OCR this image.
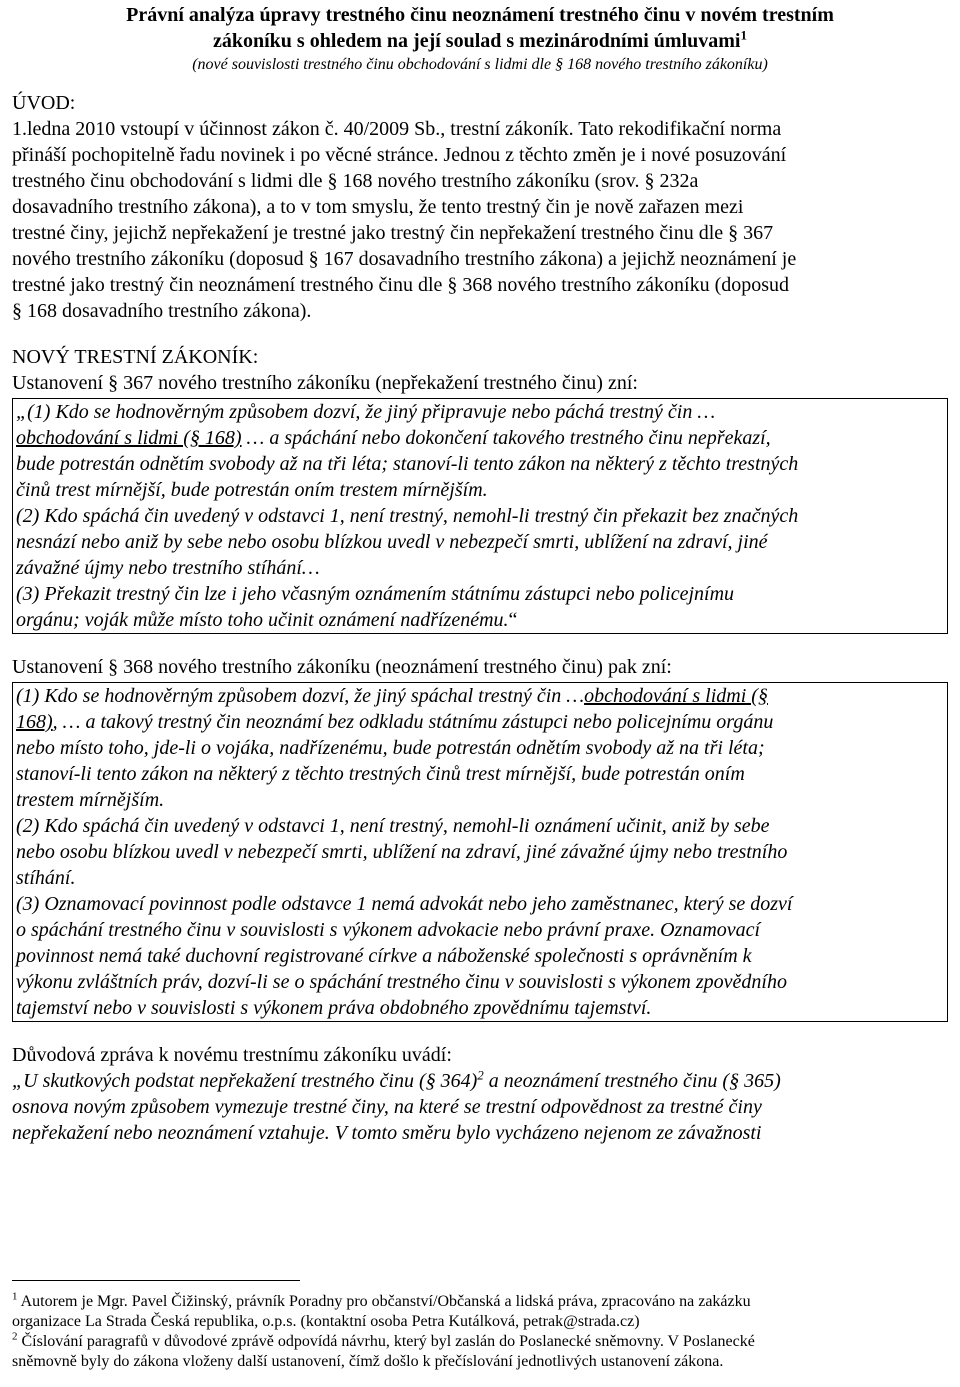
Právní analýza úpravy trestného činu neoznámení trestného činu v novém trestním
zákoníku s ohledem na její soulad s mezinárodními úmluvami$^1$
(nové souvislosti trestného činu obchodování s lidmi dle § 168 nového trestního zákoníku)
ÚVOD:
1.ledna 2010 vstoupí v účinnost zákon č. 40/2009 Sb., trestní zákoník. Tato rekodifikační norma
přináší pochopitelně řadu novinek i po věcné stránce. Jednou z těchto změn je i nové posuzování
trestného činu obchodování s lidmi dle § 168 nového trestního zákoníku (srov. § 232a
dosavadního trestního zákona), a to v tom smyslu, že tento trestný čin je nově zařazen mezi
trestné činy, jejichž nepřekažení je trestné jako trestný čin nepřekažení trestného činu dle § 367
nového trestního zákoníku (doposud § 167 dosavadního trestního zákona) a jejichž neoznámení je
trestné jako trestný čin neoznámení trestného činu dle § 368 nového trestního zákoníku (doposud
§ 168 dosavadního trestního zákona).
NOVÝ TRESTNÍ ZÁKONÍK:
Ustanovení § 367 nového trestního zákoníku (nepřekažení trestného činu) zní:
„(1) Kdo se hodnověrným způsobem dozví, že jiný připravuje nebo páchá trestný čin …
obchodování s lidmi (§ 168) … a spáchání nebo dokončení takového trestného činu nepřekazí,
bude potrestán odnětím svobody až na tři léta; stanoví-li tento zákon na některý z těchto trestných
činů trest mírnější, bude potrestán oním trestem mírnějším.
(2) Kdo spáchá čin uvedený v odstavci 1, není trestný, nemohl-li trestný čin překazit bez značných
nesnází nebo aniž by sebe nebo osobu blízkou uvedl v nebezpečí smrti, ublížení na zdraví, jiné
závažné újmy nebo trestního stíhání…
(3) Překazit trestný čin lze i jeho včasným oznámením státnímu zástupci nebo policejnímu
orgánu; voják může místo toho učinit oznámení nadřízenému.“
Ustanovení § 368 nového trestního zákoníku (neoznámení trestného činu) pak zní:
(1) Kdo se hodnověrným způsobem dozví, že jiný spáchal trestný čin …obchodování s lidmi (§
168), … a takový trestný čin neoznámí bez odkladu státnímu zástupci nebo policejnímu orgánu
nebo místo toho, jde-li o vojáka, nadřízenému, bude potrestán odnětím svobody až na tři léta;
stanoví-li tento zákon na některý z těchto trestných činů trest mírnější, bude potrestán oním
trestem mírnějším.
(2) Kdo spáchá čin uvedený v odstavci 1, není trestný, nemohl-li oznámení učinit, aniž by sebe
nebo osobu blízkou uvedl v nebezpečí smrti, ublížení na zdraví, jiné závažné újmy nebo trestního
stíhání.
(3) Oznamovací povinnost podle odstavce 1 nemá advokát nebo jeho zaměstnanec, který se dozví
o spáchání trestného činu v souvislosti s výkonem advokacie nebo právní praxe. Oznamovací
povinnost nemá také duchovní registrované církve a náboženské společnosti s oprávněním k
výkonu zvláštních práv, dozví-li se o spáchání trestného činu v souvislosti s výkonem zpovědního
tajemství nebo v souvislosti s výkonem práva obdobného zpovědnímu tajemství.
Důvodová zpráva k novému trestnímu zákoníku uvádí:
„U skutkových podstat nepřekažení trestného činu (§ 364)$^2$ a neoznámení trestného činu (§ 365)
osnova novým způsobem vymezuje trestné činy, na které se trestní odpovědnost za trestné činy
nepřekažení nebo neoznámení vztahuje. V tomto směru bylo vycházeno nejenom ze závažnosti
$^1$ Autorem je Mgr. Pavel Čižinský, právník Poradny pro občanství/Občanská a lidská práva, zpracováno na zakázku
organizace La Strada Česká republika, o.p.s. (kontaktní osoba Petra Kutálková, petrak@strada.cz)
$^2$ Číslování paragrafů v důvodové zprávě odpovídá návrhu, který byl zaslán do Poslanecké sněmovny. V Poslanecké
sněmovně byly do zákona vloženy další ustanovení, čímž došlo k přečíslování jednotlivých ustanovení zákona.
